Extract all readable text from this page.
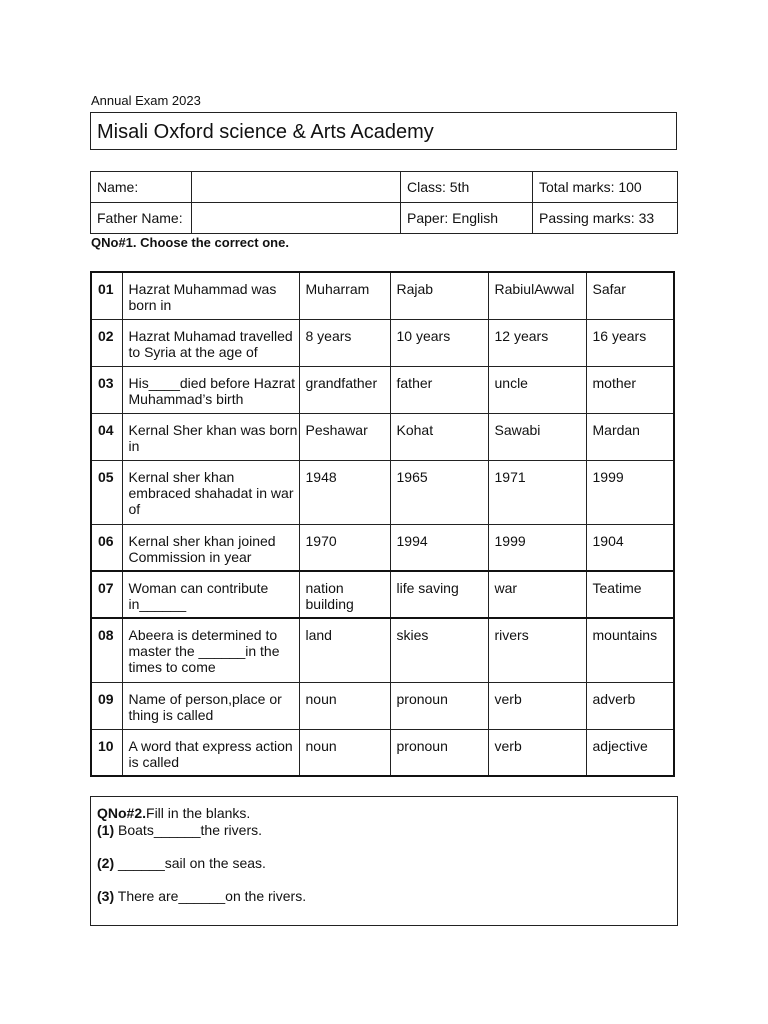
Annual Exam 2023
Misali Oxford science & Arts Academy
Name:		Class: 5th	Total marks: 100
Father Name:		Paper: English	Passing marks: 33
QNo#1. Choose the correct one.
01	Hazrat Muhammad was born in	Muharram	Rajab	RabiulAwwal	Safar
02	Hazrat Muhamad travelled to Syria at the age of	8 years	10 years	12 years	16 years
03	His____died before Hazrat Muhammad’s birth	grandfather	father	uncle	mother
04	Kernal Sher khan was born in	Peshawar	Kohat	Sawabi	Mardan
05	Kernal sher khan embraced shahadat in war of	1948	1965	1971	1999
06	Kernal sher khan joined Commission in year	1970	1994	1999	1904
07	Woman can contribute in______	nation building	life saving	war	Teatime
08	Abeera is determined to master the ______in the times to come	land	skies	rivers	mountains
09	Name of person,place or thing is called	noun	pronoun	verb	adverb
10	A word that express action is called	noun	pronoun	verb	adjective
QNo#2.Fill in the blanks.
(1) Boats______the rivers.
(2) ______sail on the seas.
(3) There are______on the rivers.
